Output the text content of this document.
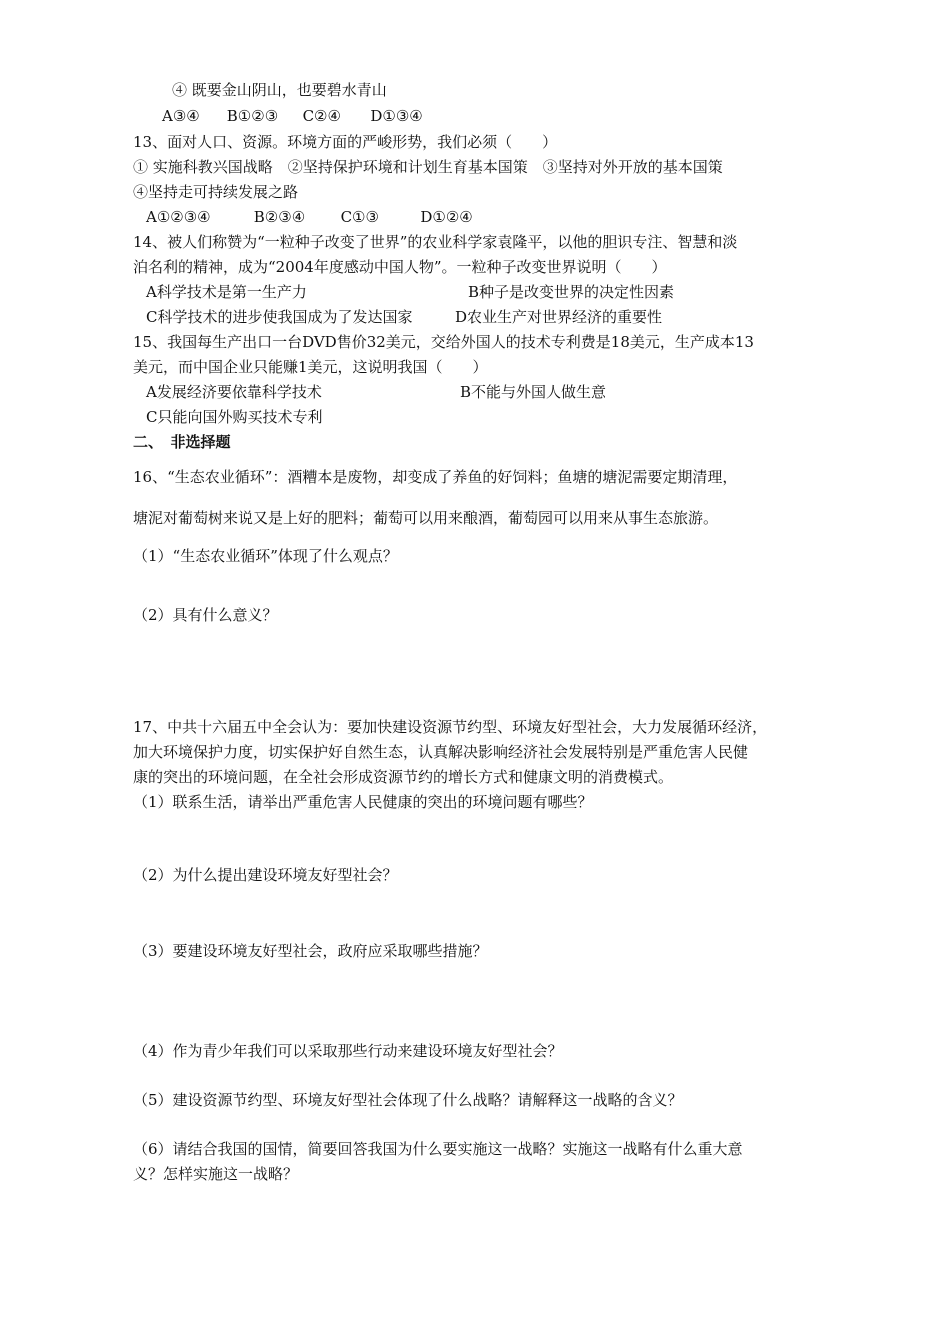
④ 既要金山阴山，也要碧水青山
A③④ B①②③ C②④ D①③④
13、面对人口、资源。环境方面的严峻形势，我们必须（　　）
① 实施科教兴国战略　②坚持保护环境和计划生育基本国策　③坚持对外开放的基本国策
④坚持走可持续发展之路
A①②③④	B②③④ C①③	D①②④
14、被人们称赞为“一粒种子改变了世界”的农业科学家袁隆平，以他的胆识专注、智慧和淡
泊名利的精神，成为“2004年度感动中国人物”。一粒种子改变世界说明（　　）
A科学技术是第一生产力	B种子是改变世界的决定性因素
C科学技术的进步使我国成为了发达国家	D农业生产对世界经济的重要性
15、我国每生产出口一台DVD售价32美元，交给外国人的技术专利费是18美元，生产成本13
美元，而中国企业只能赚1美元，这说明我国（　　）
A发展经济要依靠科学技术	B不能与外国人做生意
C只能向国外购买技术专利
二、　非选择题
16、“生态农业循环”：酒糟本是废物，却变成了养鱼的好饲料；鱼塘的塘泥需要定期清理，
塘泥对葡萄树来说又是上好的肥料；葡萄可以用来酿酒，葡萄园可以用来从事生态旅游。
（1）“生态农业循环”体现了什么观点？
（2）具有什么意义？
17、中共十六届五中全会认为：要加快建设资源节约型、环境友好型社会，大力发展循环经济，
加大环境保护力度，切实保护好自然生态，认真解决影响经济社会发展特别是严重危害人民健
康的突出的环境问题，在全社会形成资源节约的增长方式和健康文明的消费模式。
（1）联系生活，请举出严重危害人民健康的突出的环境问题有哪些？
（2）为什么提出建设环境友好型社会？
（3）要建设环境友好型社会，政府应采取哪些措施？
（4）作为青少年我们可以采取那些行动来建设环境友好型社会？
（5）建设资源节约型、环境友好型社会体现了什么战略？请解释这一战略的含义？
（6）请结合我国的国情，简要回答我国为什么要实施这一战略？实施这一战略有什么重大意
义？怎样实施这一战略？
